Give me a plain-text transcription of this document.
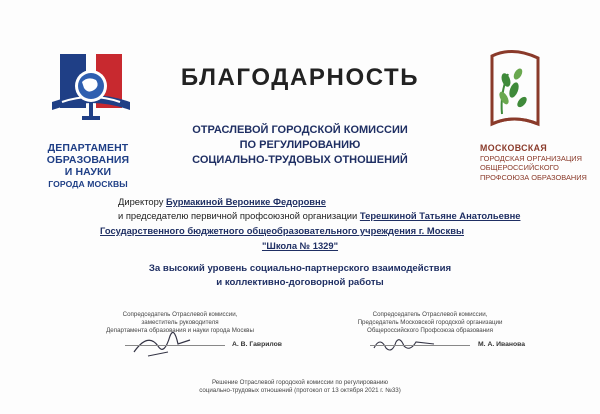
ДЕПАРТАМЕНТ
ОБРАЗОВАНИЯ
И НАУКИ
ГОРОДА МОСКВЫ
МОСКОВСКАЯ
ГОРОДСКАЯ ОРГАНИЗАЦИЯ
ОБЩЕРОССИЙСКОГО
ПРОФСОЮЗА ОБРАЗОВАНИЯ
БЛАГОДАРНОСТЬ
ОТРАСЛЕВОЙ ГОРОДСКОЙ КОМИССИИ
ПО РЕГУЛИРОВАНИЮ
СОЦИАЛЬНО-ТРУДОВЫХ ОТНОШЕНИЙ
Директору Бурмакиной Веронике Федоровне
и председателю первичной профсоюзной организации Терешкиной Татьяне Анатольевне
Государственного бюджетного общеобразовательного учреждения г. Москвы
"Школа № 1329"
За высокий уровень социально-партнерского взаимодействия
и коллективно-договорной работы
Сопредседатель Отраслевой комиссии,
заместитель руководителя
Департамента образования и науки города Москвы
А. В. Гаврилов
Сопредседатель Отраслевой комиссии,
Председатель Московской городской организации
Общероссийского Профсоюза образования
М. А. Иванова
Решение Отраслевой городской комиссии по регулированию
социально-трудовых отношений (протокол от 13 октября 2021 г. №33)
